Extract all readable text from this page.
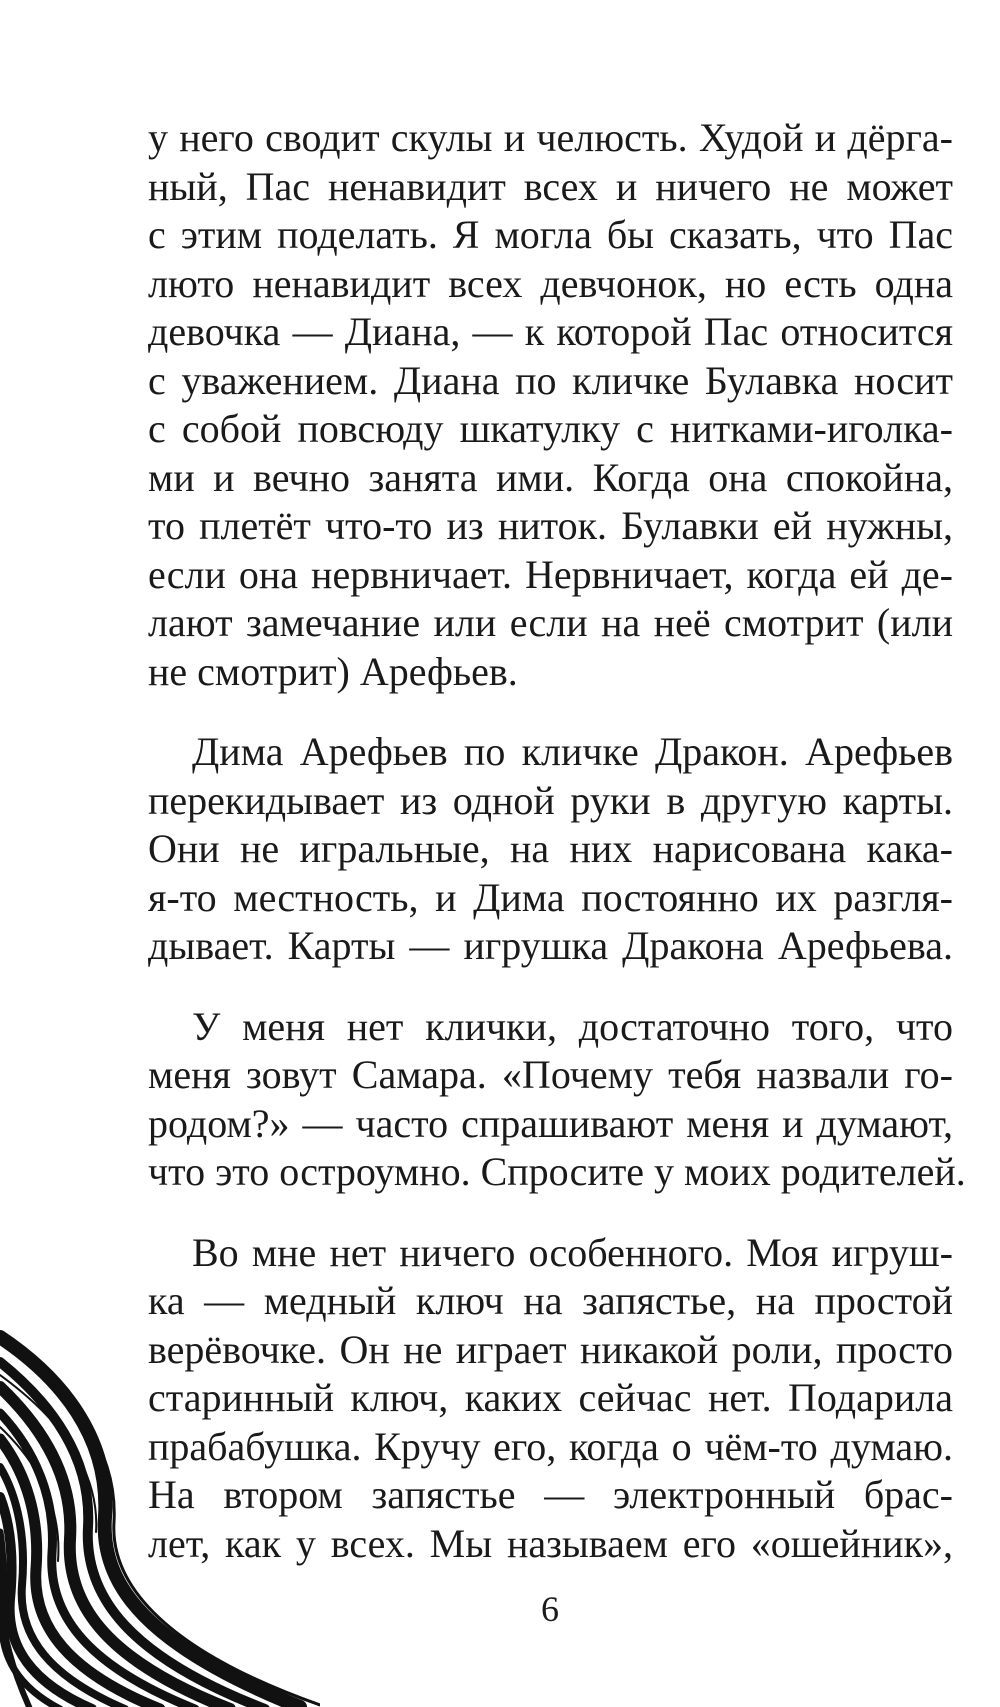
у него сводит скулы и челюсть. Худой и дёрга-
ный, Пас ненавидит всех и ничего не может
с этим поделать. Я могла бы сказать, что Пас
люто ненавидит всех девчонок, но есть одна
девочка — Диана, — к которой Пас относится
с уважением. Диана по кличке Булавка носит
с собой повсюду шкатулку с нитками-иголка-
ми и вечно занята ими. Когда она спокойна,
то плетёт что-то из ниток. Булавки ей нужны,
если она нервничает. Нервничает, когда ей де-
лают замечание или если на неё смотрит (или
не смотрит) Арефьев.
Дима Арефьев по кличке Дракон. Арефьев
перекидывает из одной руки в другую карты.
Они не игральные, на них нарисована кака-
я-то местность, и Дима постоянно их разгля-
дывает. Карты — игрушка Дракона Арефьева.
У меня нет клички, достаточно того, что
меня зовут Самара. «Почему тебя назвали го-
родом?» — часто спрашивают меня и думают,
что это остроумно. Спросите у моих родителей.
Во мне нет ничего особенного. Моя игруш-
ка — медный ключ на запястье, на простой
верёвочке. Он не играет никакой роли, просто
старинный ключ, каких сейчас нет. Подарила
прабабушка. Кручу его, когда о чём-то думаю.
На втором запястье — электронный брас-
лет, как у всех. Мы называем его «ошейник»,
6
